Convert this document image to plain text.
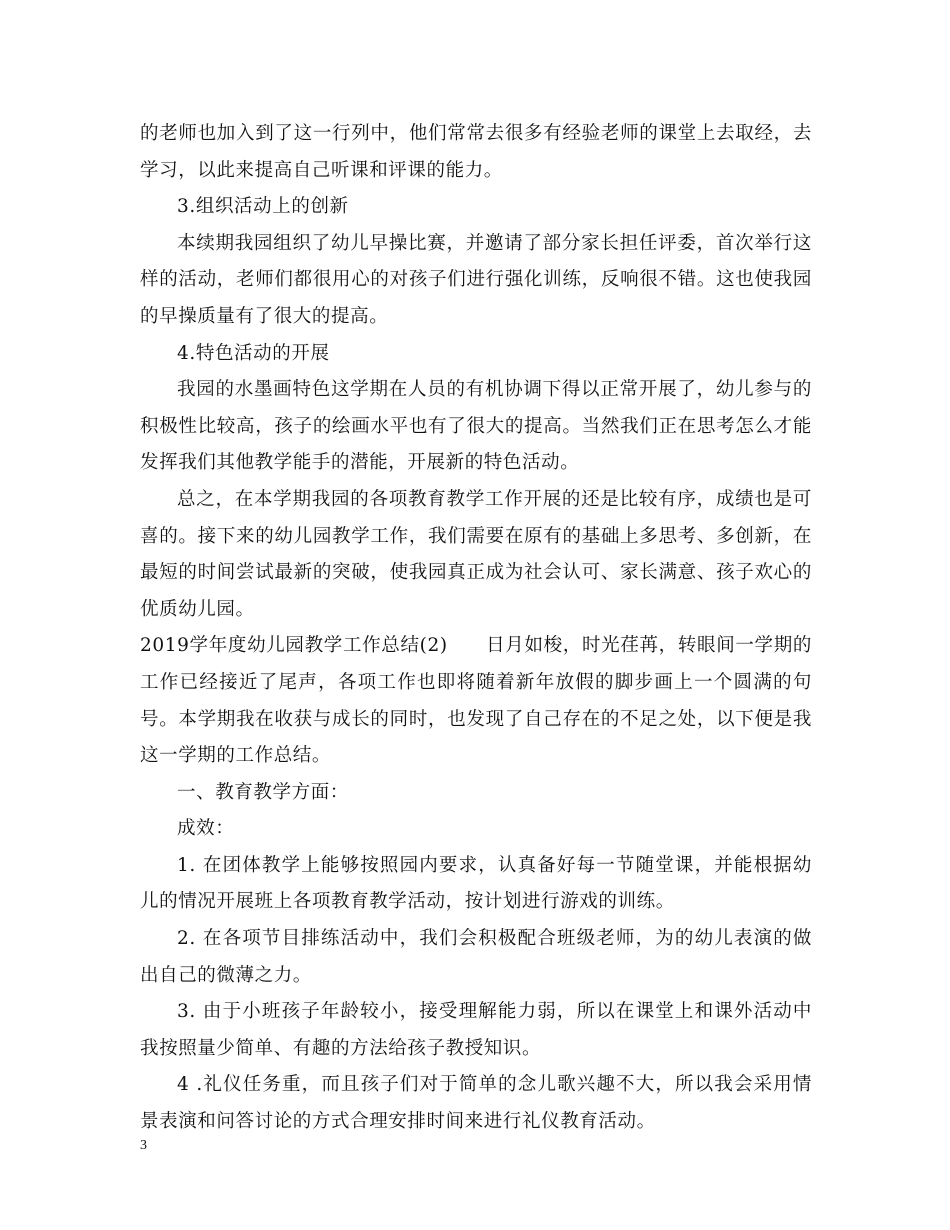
的老师也加入到了这一行列中，他们常常去很多有经验老师的课堂上去取经，去学习，以此来提高自己听课和评课的能力。

3.组织活动上的创新

本续期我园组织了幼儿早操比赛，并邀请了部分家长担任评委，首次举行这样的活动，老师们都很用心的对孩子们进行强化训练，反响很不错。这也使我园的早操质量有了很大的提高。

4.特色活动的开展

我园的水墨画特色这学期在人员的有机协调下得以正常开展了，幼儿参与的积极性比较高，孩子的绘画水平也有了很大的提高。当然我们正在思考怎么才能发挥我们其他教学能手的潜能，开展新的特色活动。

总之，在本学期我园的各项教育教学工作开展的还是比较有序，成绩也是可喜的。接下来的幼儿园教学工作，我们需要在原有的基础上多思考、多创新，在最短的时间尝试最新的突破，使我园真正成为社会认可、家长满意、孩子欢心的优质幼儿园。

2019学年度幼儿园教学工作总结(2)　　日月如梭，时光荏苒，转眼间一学期的工作已经接近了尾声，各项工作也即将随着新年放假的脚步画上一个圆满的句号。本学期我在收获与成长的同时，也发现了自己存在的不足之处，以下便是我这一学期的工作总结。

一、教育教学方面：

成效：

1. 在团体教学上能够按照园内要求，认真备好每一节随堂课，并能根据幼儿的情况开展班上各项教育教学活动，按计划进行游戏的训练。

2. 在各项节目排练活动中，我们会积极配合班级老师，为的幼儿表演的做出自己的微薄之力。

3. 由于小班孩子年龄较小，接受理解能力弱，所以在课堂上和课外活动中我按照量少简单、有趣的方法给孩子教授知识。

4 .礼仪任务重，而且孩子们对于简单的念儿歌兴趣不大，所以我会采用情景表演和问答讨论的方式合理安排时间来进行礼仪教育活动。

3
